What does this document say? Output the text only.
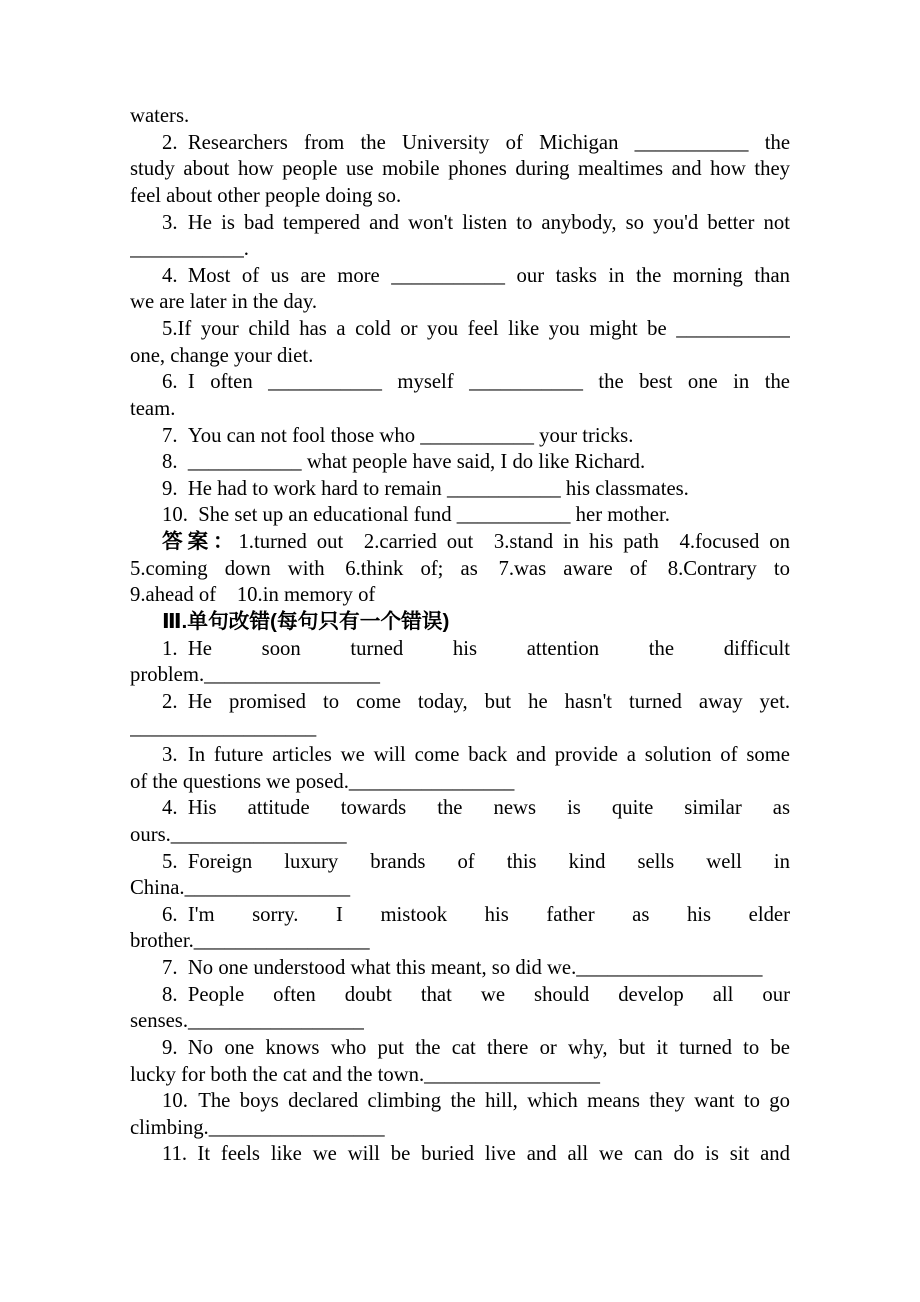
waters.
2. Researchers from the University of Michigan ___________ the
study about how people use mobile phones during mealtimes and how they
feel about other people doing so.
3. He is bad tempered and won't listen to anybody, so you'd better not
___________.
4. Most of us are more ___________ our tasks in the morning than
we are later in the day.
5.If your child has a cold or you feel like you might be ___________
one, change your diet.
6. I often ___________ myself ___________ the best one in the
team.
7. You can not fool those who ___________ your tricks.
8. ___________ what people have said, I do like Richard.
9. He had to work hard to remain ___________ his classmates.
10. She set up an educational fund ___________ her mother.
答案：1.turned out  2.carried out  3.stand in his path  4.focused on
5.coming down with  6.think of; as  7.was aware of  8.Contrary to
9.ahead of  10.in memory of
Ⅲ.单句改错(每句只有一个错误)
1. He soon turned his attention the difficult
problem._________________
2. He promised to come today, but he hasn't turned away yet.
__________________
3. In future articles we will come back and provide a solution of some
of the questions we posed.________________
4. His attitude towards the news is quite similar as
ours._________________
5. Foreign luxury brands of this kind sells well in
China.________________
6. I'm sorry. I mistook his father as his elder
brother._________________
7. No one understood what this meant, so did we.__________________
8. People often doubt that we should develop all our
senses._________________
9. No one knows who put the cat there or why, but it turned to be
lucky for both the cat and the town._________________
10. The boys declared climbing the hill, which means they want to go
climbing._________________
11. It feels like we will be buried live and all we can do is sit and
